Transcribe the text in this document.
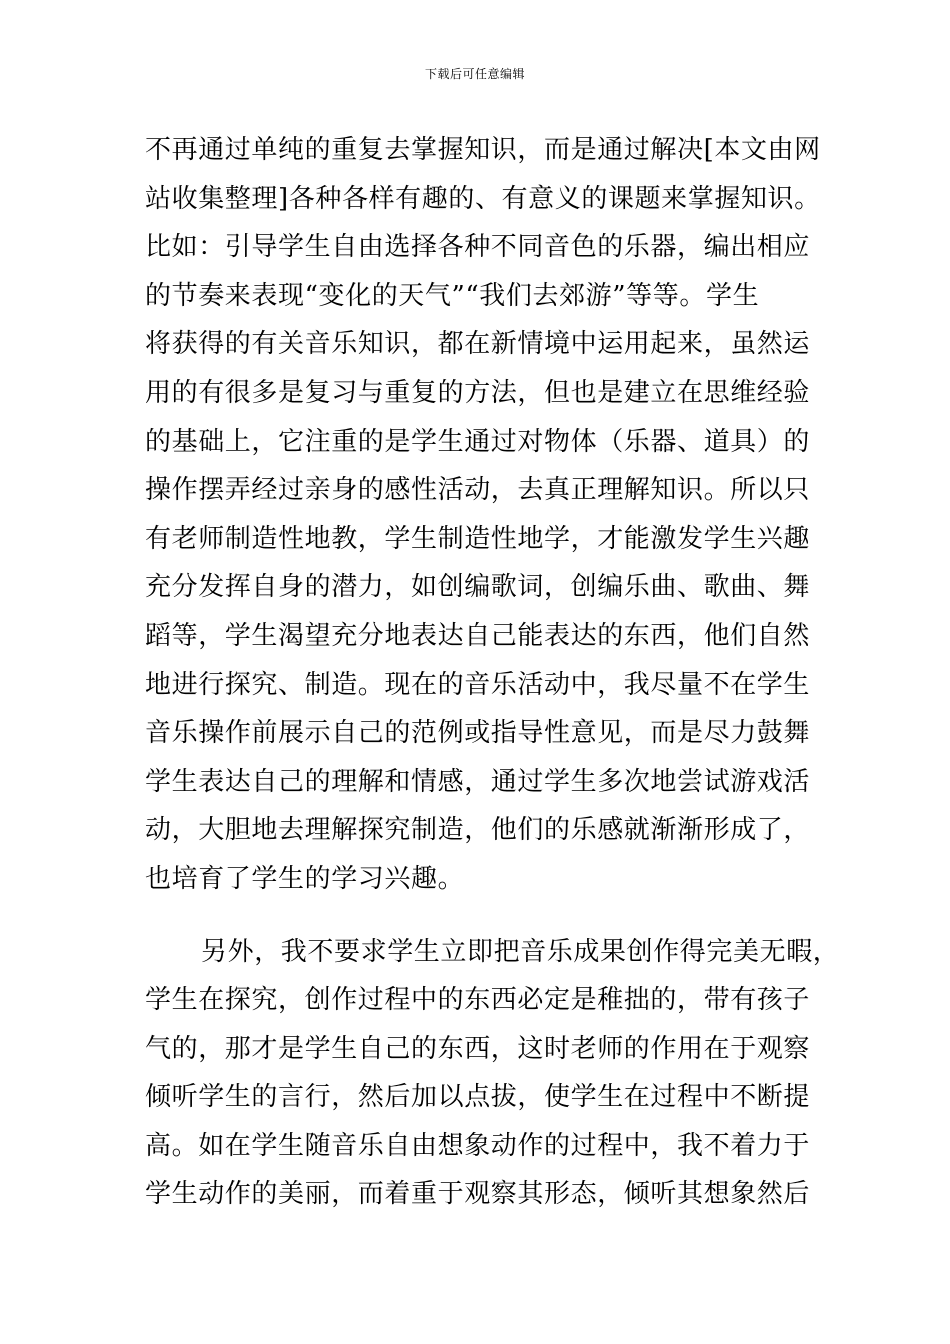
下载后可任意编辑
不再通过单纯的重复去掌握知识，而是通过解决[本文由网
站收集整理]各种各样有趣的、有意义的课题来掌握知识。
比如：引导学生自由选择各种不同音色的乐器，编出相应
的节奏来表现“变化的天气”“我们去郊游”等等。学生
将获得的有关音乐知识，都在新情境中运用起来，虽然运
用的有很多是复习与重复的方法，但也是建立在思维经验
的基础上，它注重的是学生通过对物体（乐器、道具）的
操作摆弄经过亲身的感性活动，去真正理解知识。所以只
有老师制造性地教，学生制造性地学，才能激发学生兴趣
充分发挥自身的潜力，如创编歌词，创编乐曲、歌曲、舞
蹈等，学生渴望充分地表达自己能表达的东西，他们自然
地进行探究、制造。现在的音乐活动中，我尽量不在学生
音乐操作前展示自己的范例或指导性意见，而是尽力鼓舞
学生表达自己的理解和情感，通过学生多次地尝试游戏活
动，大胆地去理解探究制造，他们的乐感就渐渐形成了，
也培育了学生的学习兴趣。
另外，我不要求学生立即把音乐成果创作得完美无暇，
学生在探究，创作过程中的东西必定是稚拙的，带有孩子
气的，那才是学生自己的东西，这时老师的作用在于观察
倾听学生的言行，然后加以点拔，使学生在过程中不断提
高。如在学生随音乐自由想象动作的过程中，我不着力于
学生动作的美丽，而着重于观察其形态，倾听其想象然后
